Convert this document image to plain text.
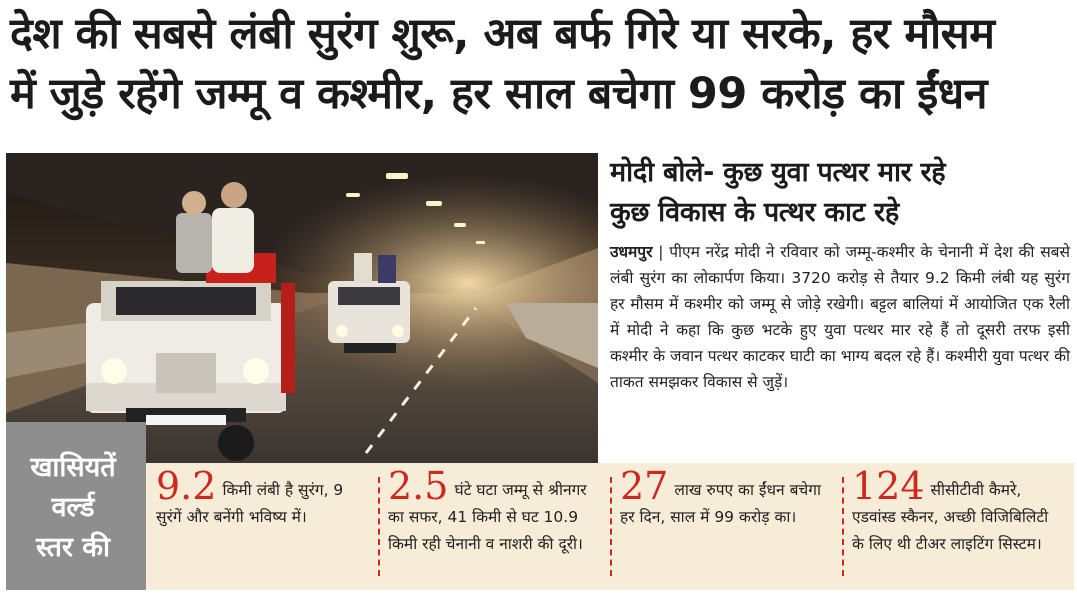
देश की सबसे लंबी सुरंग शुरू, अब बर्फ गिरे या सरके, हर मौसम
में जुड़े रहेंगे जम्मू व कश्मीर, हर साल बचेगा 99 करोड़ का ईंधन
मोदी बोले- कुछ युवा पत्थर मार रहे
कुछ विकास के पत्थर काट रहे
उधमपुर | पीएम नरेंद्र मोदी ने रविवार को जम्मू-कश्मीर के चेनानी में देश की सबसे लंबी सुरंग का लोकार्पण किया। 3720 करोड़ से तैयार 9.2 किमी लंबी यह सुरंग हर मौसम में कश्मीर को जम्मू से जोड़े रखेगी। बट्टल बालियां में आयोजित एक रैली में मोदी ने कहा कि कुछ भटके हुए युवा पत्थर मार रहे हैं तो दूसरी तरफ इसी कश्मीर के जवान पत्थर काटकर घाटी का भाग्य बदल रहे हैं। कश्मीरी युवा पत्थर की ताकत समझकर विकास से जुड़ें।
खासियतें
वर्ल्ड
स्तर की
9.2 किमी लंबी है सुरंग, 9 सुरंगें और बनेंगी भविष्य में।
2.5 घंटे घटा जम्मू से श्रीनगर का सफर, 41 किमी से घट 10.9 किमी रही चेनानी व नाशरी की दूरी।
27 लाख रुपए का ईंधन बचेगा हर दिन, साल में 99 करोड़ का।
124 सीसीटीवी कैमरे, एडवांस्ड स्कैनर, अच्छी विजिबिलिटी के लिए थी टीअर लाइटिंग सिस्टम।
